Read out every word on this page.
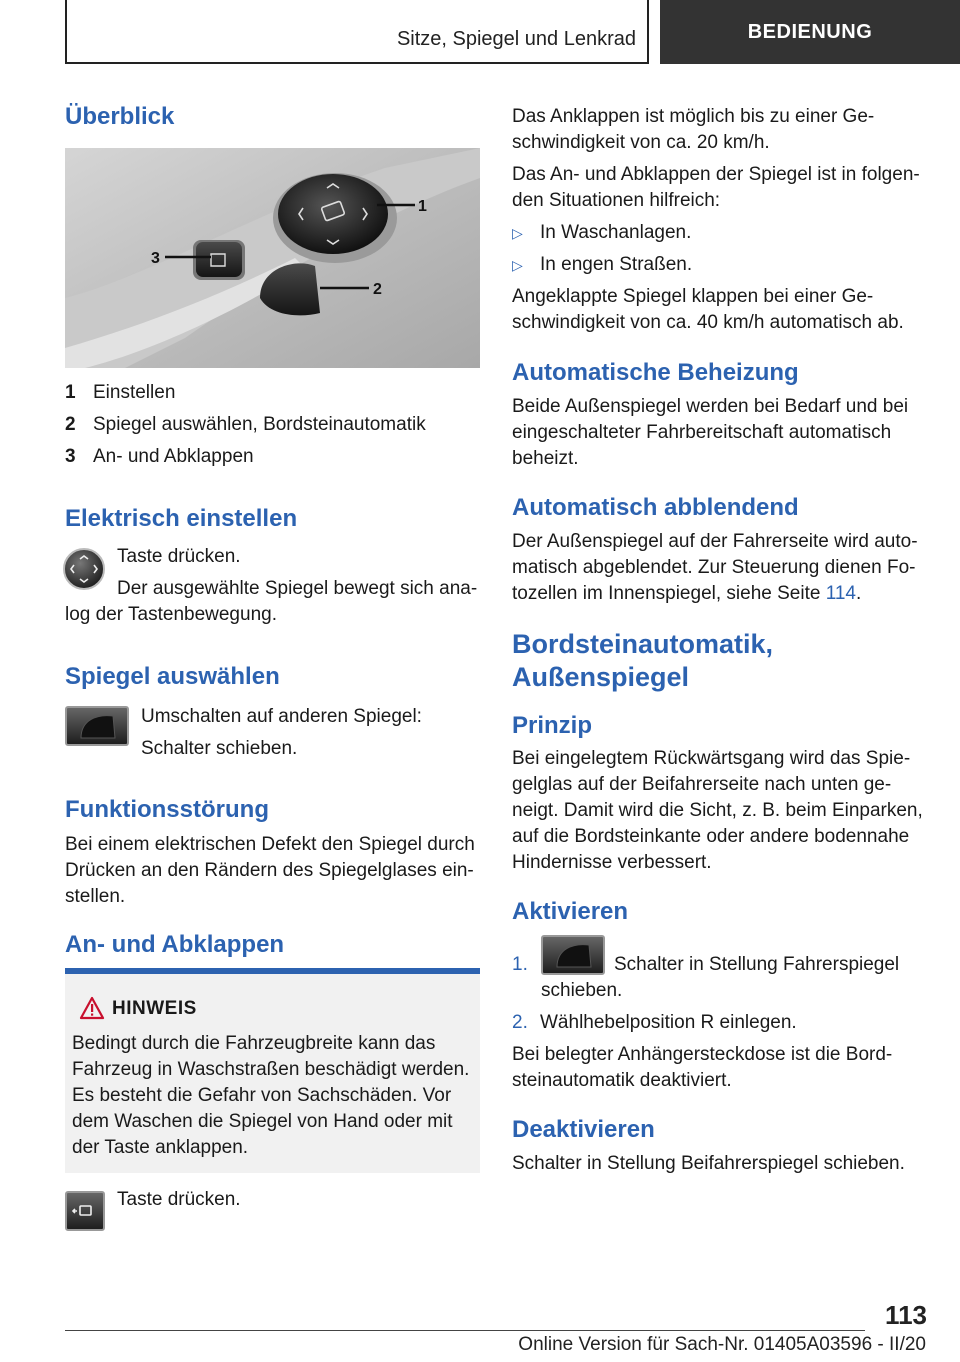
Sitze, Spiegel und Lenkrad	BEDIENUNG
Überblick
1
2
3

1 Einstellen

2 Spiegel auswählen, Bordsteinautomatik

3 An- und Abklappen

Elektrisch einstellen

Taste drücken.

Der ausgewählte Spiegel bewegt sich ana-

log der Tastenbewegung.

Spiegel auswählen

Umschalten auf anderen Spiegel:

Schalter schieben.

Funktionsstörung

Bei einem elektrischen Defekt den Spiegel durch

Drücken an den Rändern des Spiegelglases ein-

stellen.

An- und Abklappen
HINWEIS

Bedingt durch die Fahrzeugbreite kann das

Fahrzeug in Waschstraßen beschädigt werden.

Es besteht die Gefahr von Sachschäden. Vor

dem Waschen die Spiegel von Hand oder mit

der Taste anklappen.

Taste drücken.

Das Anklappen ist möglich bis zu einer Ge-

schwindigkeit von ca. 20 km/h.

Das An- und Abklappen der Spiegel ist in folgen-

den Situationen hilfreich:

▷ In Waschanlagen.

▷ In engen Straßen.

Angeklappte Spiegel klappen bei einer Ge-

schwindigkeit von ca. 40 km/h automatisch ab.

Automatische Beheizung

Beide Außenspiegel werden bei Bedarf und bei

eingeschalteter Fahrbereitschaft automatisch

beheizt.

Automatisch abblendend

Der Außenspiegel auf der Fahrerseite wird auto-

matisch abgeblendet. Zur Steuerung dienen Fo-

tozellen im Innenspiegel, siehe Seite 114.

Bordsteinautomatik,
Außenspiegel
Prinzip

Bei eingelegtem Rückwärtsgang wird das Spie-

gelglas auf der Beifahrerseite nach unten ge-

neigt. Damit wird die Sicht, z. B. beim Einparken,

auf die Bordsteinkante oder andere bodennahe

Hindernisse verbessert.

Aktivieren

1.	Schalter in Stellung Fahrerspiegel

schieben.

2. Wählhebelposition R einlegen.

Bei belegter Anhängersteckdose ist die Bord-

steinautomatik deaktiviert.

Deaktivieren

Schalter in Stellung Beifahrerspiegel schieben.

113
Online Version für Sach-Nr. 01405A03596 - II/20
